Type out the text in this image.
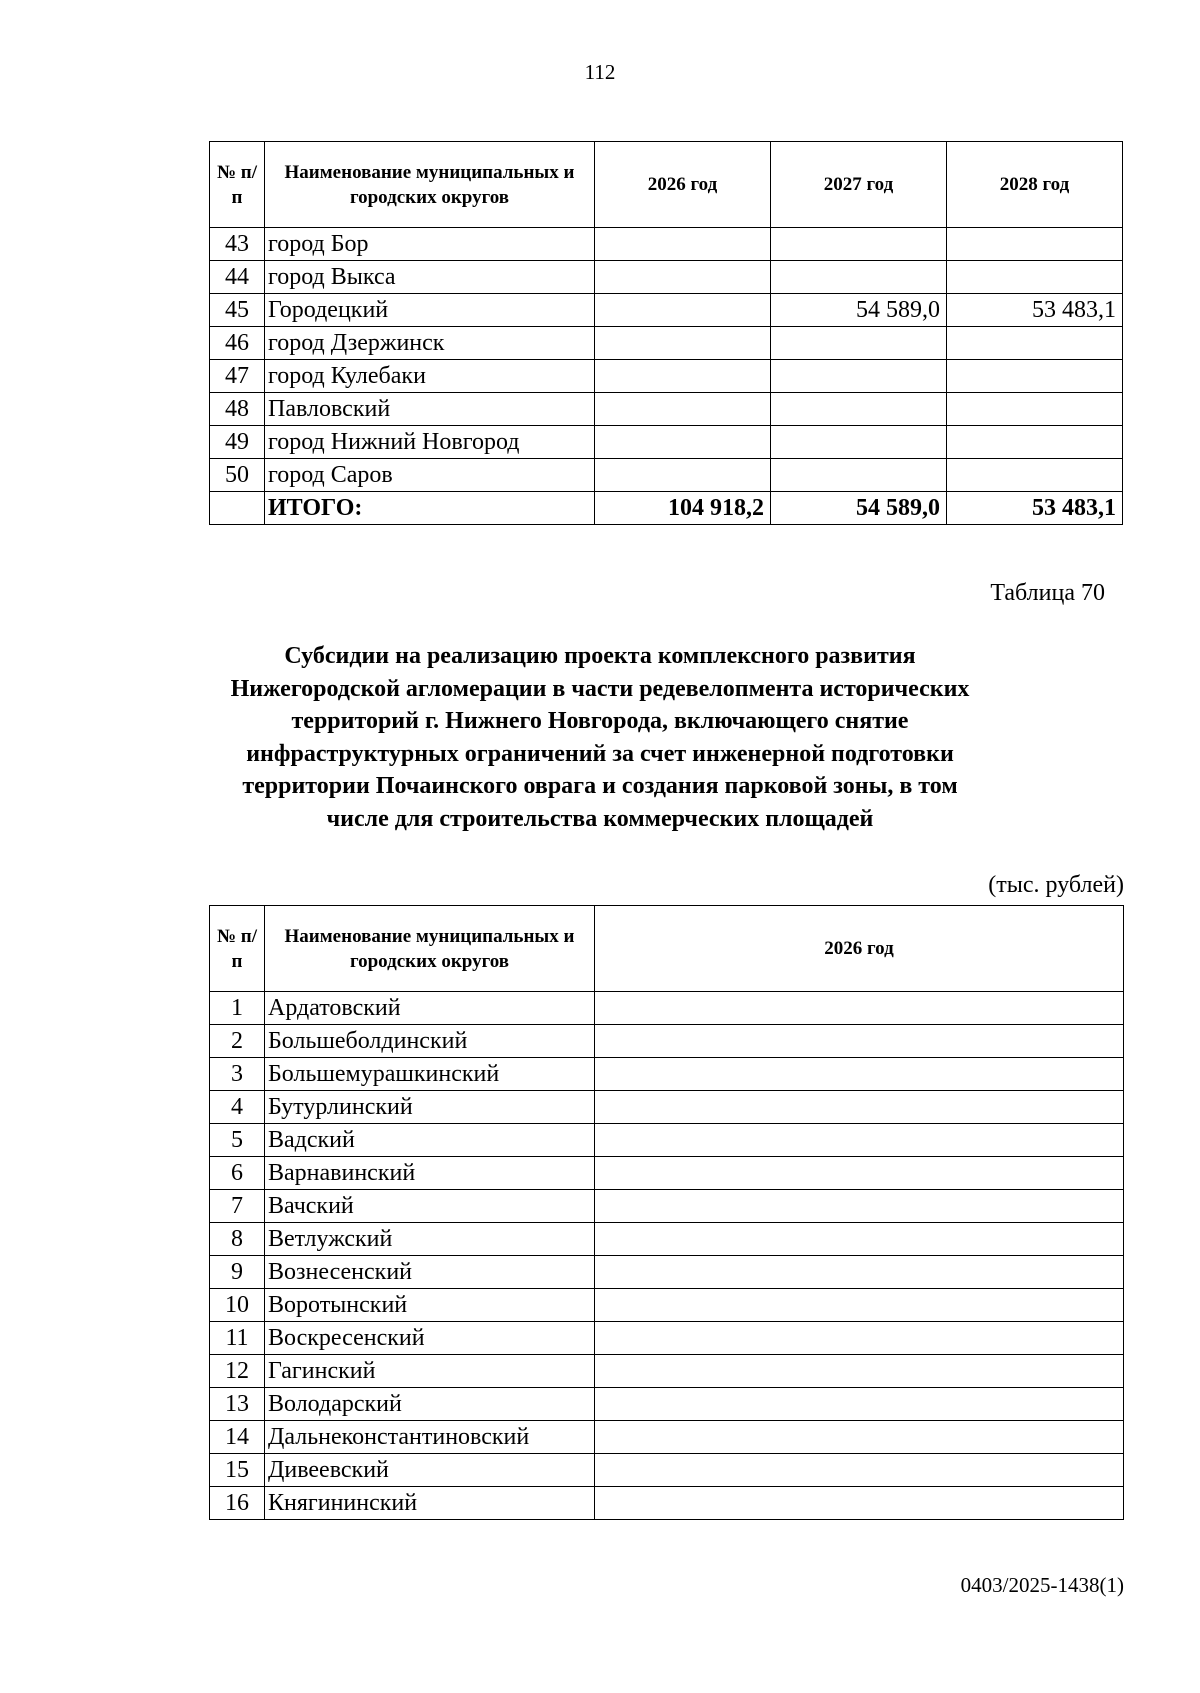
112
№ п/п	Наименование муниципальных и городских округов	2026 год	2027 год	2028 год
43	город Бор			
44	город Выкса			
45	Городецкий		54 589,0	53 483,1
46	город Дзержинск			
47	город Кулебаки			
48	Павловский			
49	город Нижний Новгород			
50	город Саров			
	ИТОГО:	104 918,2	54 589,0	53 483,1
Таблица 70
Субсидии на реализацию проекта комплексного развития
Нижегородской агломерации в части редевелопмента исторических
территорий г. Нижнего Новгорода, включающего снятие
инфраструктурных ограничений за счет инженерной подготовки
территории Почаинского оврага и создания парковой зоны, в том
числе для строительства коммерческих площадей
(тыс. рублей)
№ п/п	Наименование муниципальных и городских округов	2026 год
1	Ардатовский	
2	Большеболдинский	
3	Большемурашкинский	
4	Бутурлинский	
5	Вадский	
6	Варнавинский	
7	Вачский	
8	Ветлужский	
9	Вознесенский	
10	Воротынский	
11	Воскресенский	
12	Гагинский	
13	Володарский	
14	Дальнеконстантиновский	
15	Дивеевский	
16	Княгининский	
0403/2025-1438(1)
